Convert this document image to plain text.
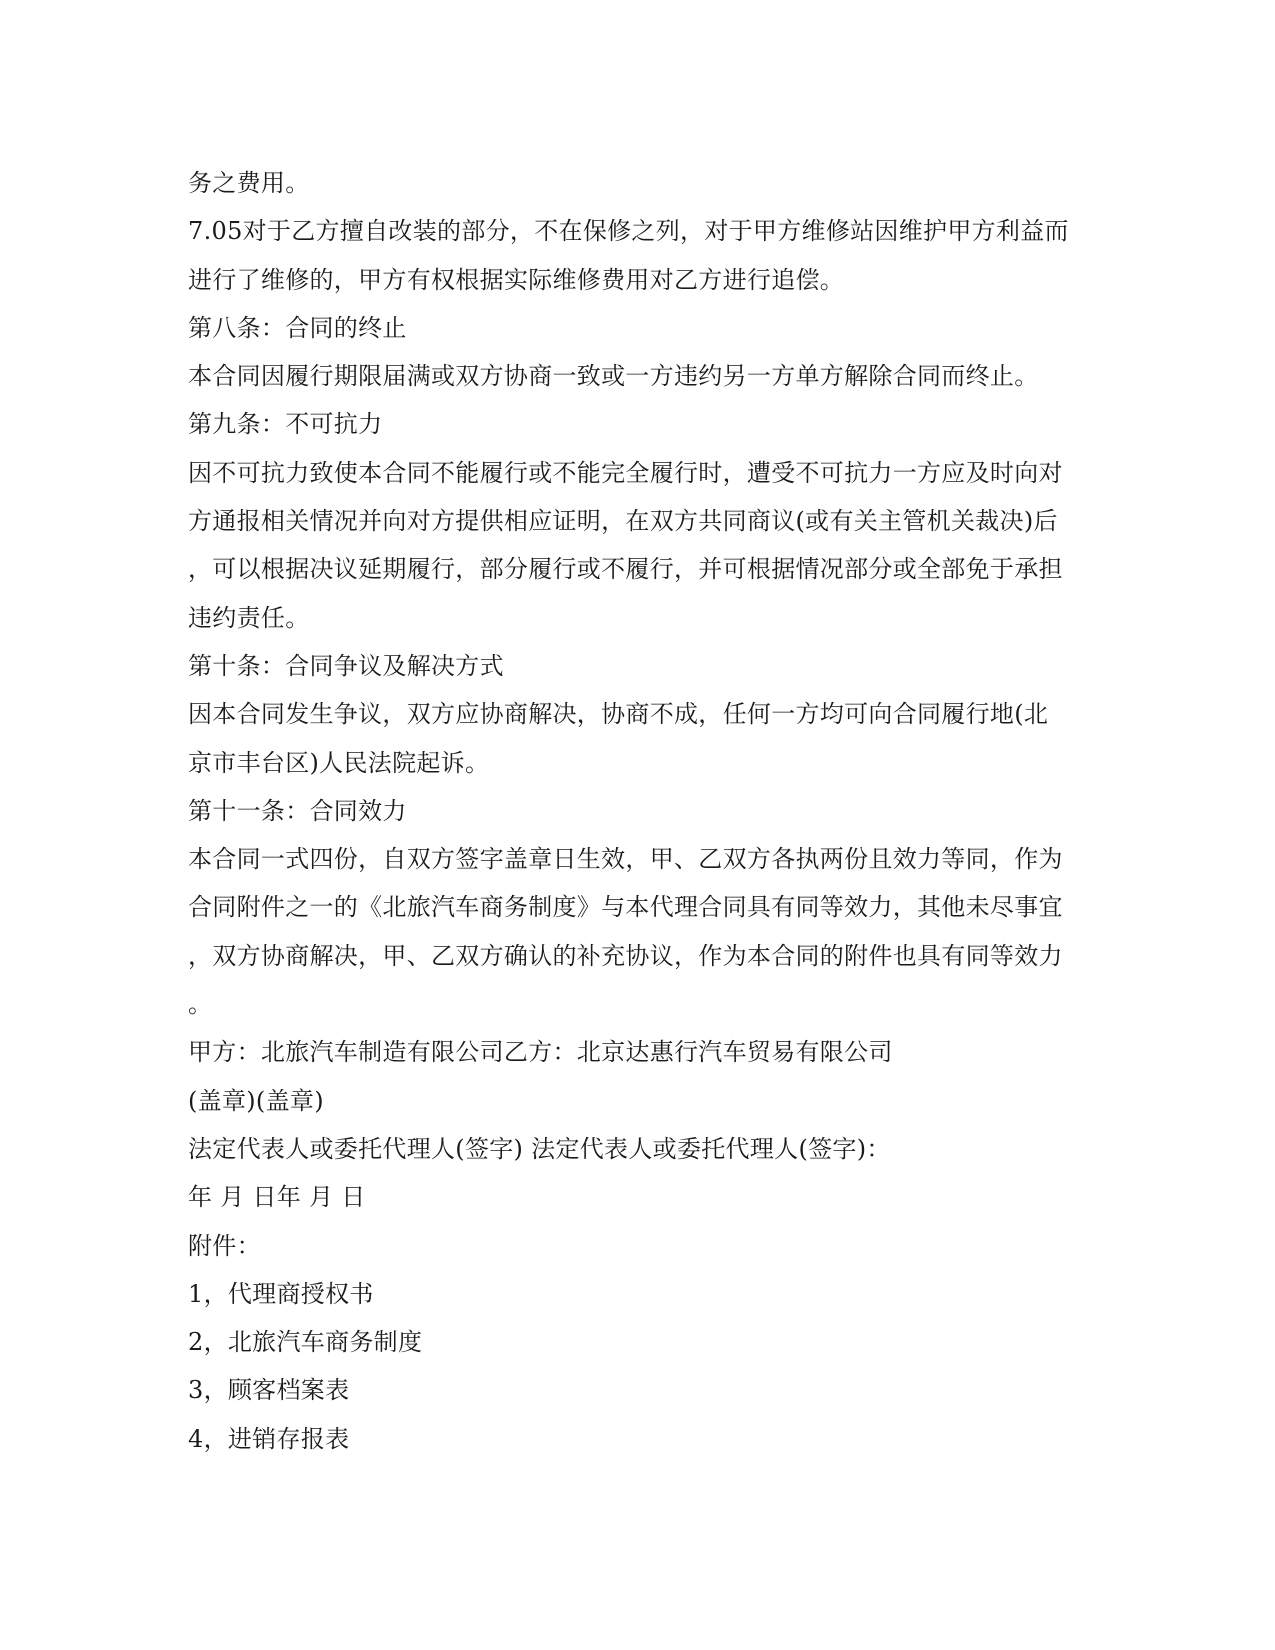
务之费用。
7.05对于乙方擅自改装的部分，不在保修之列，对于甲方维修站因维护甲方利益而
进行了维修的，甲方有权根据实际维修费用对乙方进行追偿。
第八条：合同的终止
本合同因履行期限届满或双方协商一致或一方违约另一方单方解除合同而终止。
第九条：不可抗力
因不可抗力致使本合同不能履行或不能完全履行时，遭受不可抗力一方应及时向对
方通报相关情况并向对方提供相应证明，在双方共同商议(或有关主管机关裁决)后
，可以根据决议延期履行，部分履行或不履行，并可根据情况部分或全部免于承担
违约责任。
第十条：合同争议及解决方式
因本合同发生争议，双方应协商解决，协商不成，任何一方均可向合同履行地(北
京市丰台区)人民法院起诉。
第十一条：合同效力
本合同一式四份，自双方签字盖章日生效，甲、乙双方各执两份且效力等同，作为
合同附件之一的《北旅汽车商务制度》与本代理合同具有同等效力，其他未尽事宜
，双方协商解决，甲、乙双方确认的补充协议，作为本合同的附件也具有同等效力
。
甲方：北旅汽车制造有限公司乙方：北京达惠行汽车贸易有限公司
(盖章)(盖章)
法定代表人或委托代理人(签字) 法定代表人或委托代理人(签字)：
年 月 日年 月 日
附件：
1，代理商授权书
2，北旅汽车商务制度
3，顾客档案表
4，进销存报表
